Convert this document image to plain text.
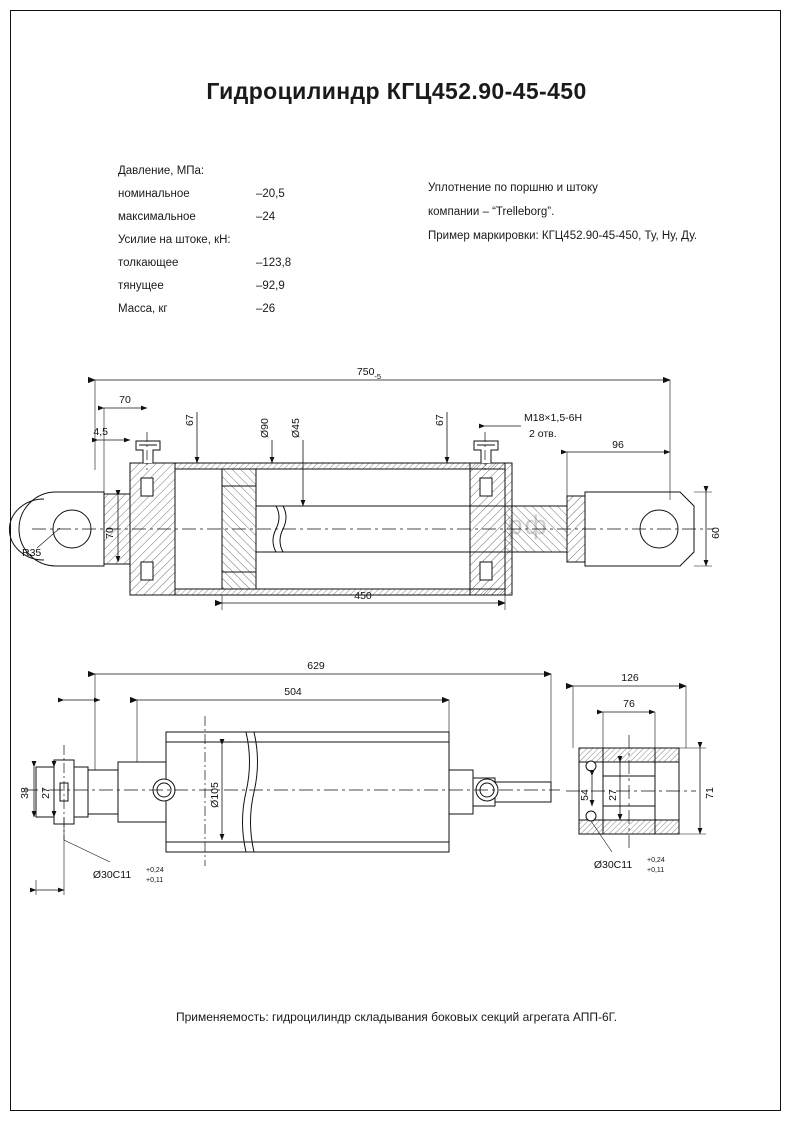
Гидроцилиндр КГЦ452.90-45-450
Давление, МПа:
номинальное	–20,5
максимальное	–24
Усилие на штоке, кН:
толкающее	–123,8
тянущее	–92,9
Масса, кг	–26
Уплотнение по поршню и штоку
компании – “Trelleborg”.
Пример маркировки: КГЦ452.90-45-450, Ту, Ну, Ду.
Применяемость: гидроцилиндр складывания боковых секций агрегата АПП-6Г.
$750_{-5}$
70
4,5
67	Ø90 Ø45	67	M18×1,5-6H
2 отв.
96
60
70
R35
450
629
504
Ø105
38 27
126
76
54 27	71
Ø30С11 +0,24
+0,11
Ø30С11 +0,24
+0,11
